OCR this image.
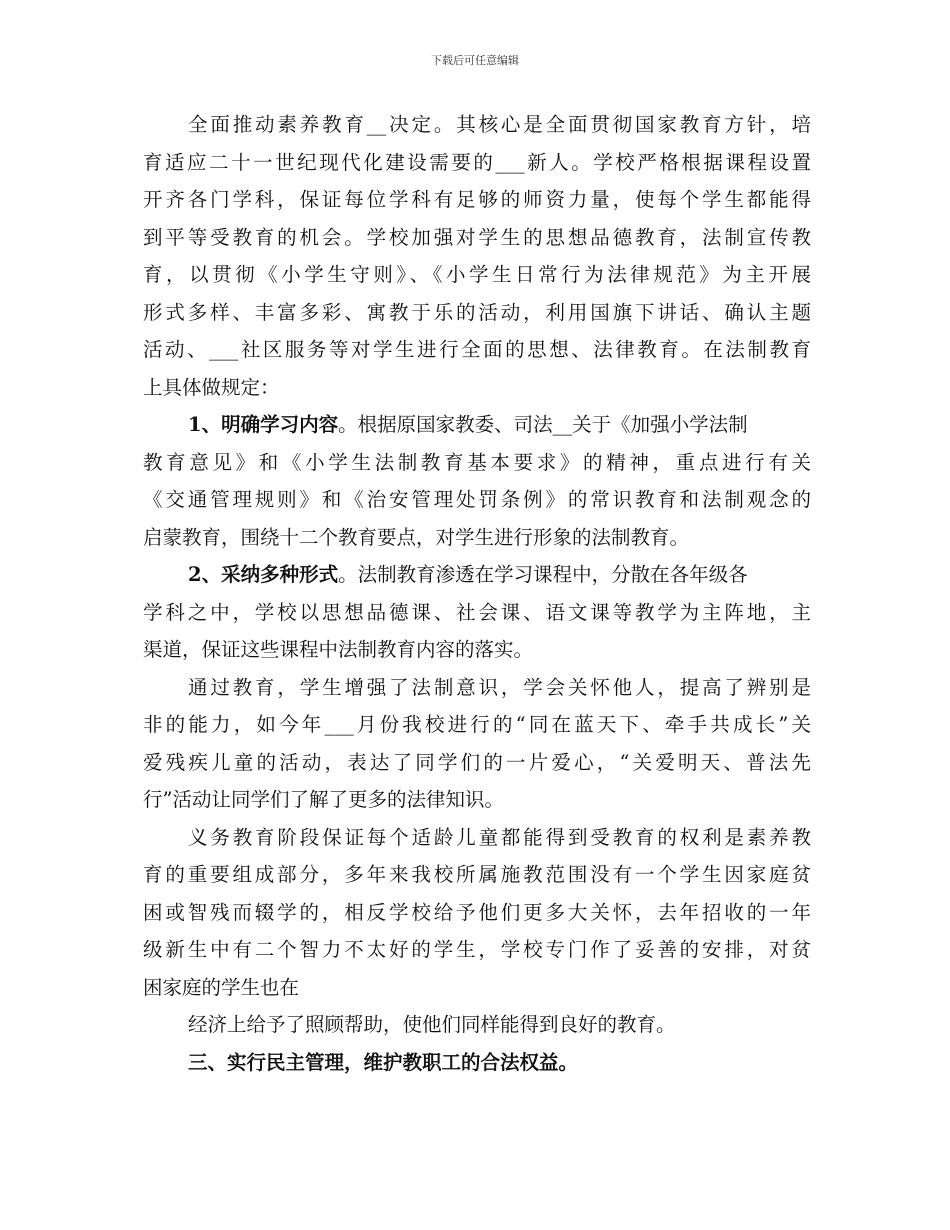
下载后可任意编辑
全面推动素养教育__决定。其核心是全面贯彻国家教育方针，培
育适应二十一世纪现代化建设需要的___新人。学校严格根据课程设置
开齐各门学科，保证每位学科有足够的师资力量，使每个学生都能得
到平等受教育的机会。学校加强对学生的思想品德教育，法制宣传教
育，以贯彻《小学生守则》、《小学生日常行为法律规范》为主开展
形式多样、丰富多彩、寓教于乐的活动，利用国旗下讲话、确认主题
活动、___社区服务等对学生进行全面的思想、法律教育。在法制教育
上具体做规定：
1、明确学习内容。根据原国家教委、司法__关于《加强小学法制
教育意见》和《小学生法制教育基本要求》的精神，重点进行有关
《交通管理规则》和《治安管理处罚条例》的常识教育和法制观念的
启蒙教育，围绕十二个教育要点，对学生进行形象的法制教育。
2、采纳多种形式。法制教育渗透在学习课程中，分散在各年级各
学科之中，学校以思想品德课、社会课、语文课等教学为主阵地，主
渠道，保证这些课程中法制教育内容的落实。
通过教育，学生增强了法制意识，学会关怀他人，提高了辨别是
非的能力，如今年___月份我校进行的“同在蓝天下、牵手共成长”关
爱残疾儿童的活动，表达了同学们的一片爱心，“关爱明天、普法先
行”活动让同学们了解了更多的法律知识。
义务教育阶段保证每个适龄儿童都能得到受教育的权利是素养教
育的重要组成部分，多年来我校所属施教范围没有一个学生因家庭贫
困或智残而辍学的，相反学校给予他们更多大关怀，去年招收的一年
级新生中有二个智力不太好的学生，学校专门作了妥善的安排，对贫
困家庭的学生也在
经济上给予了照顾帮助，使他们同样能得到良好的教育。
三、实行民主管理，维护教职工的合法权益。
